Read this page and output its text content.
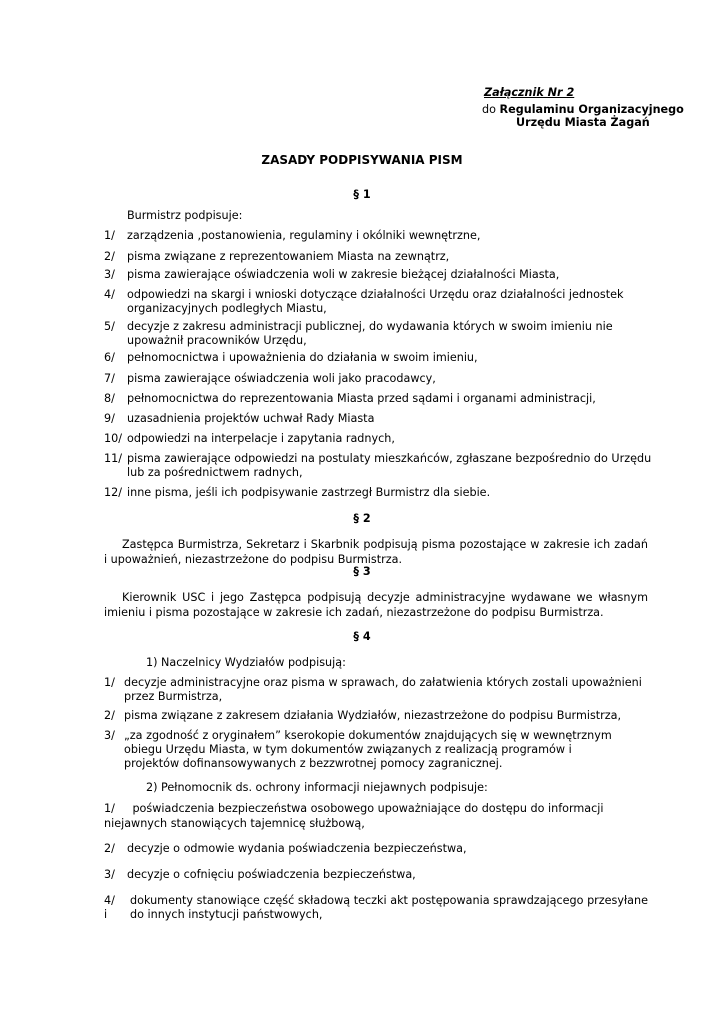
Załącznik Nr 2
do Regulaminu Organizacyjnego
Urzędu Miasta Żagań
ZASADY PODPISYWANIA PISM
§ 1
Burmistrz podpisuje:
1/ zarządzenia ,postanowienia, regulaminy i okólniki wewnętrzne,
2/ pisma związane z reprezentowaniem Miasta na zewnątrz,
3/ pisma zawierające oświadczenia woli w zakresie bieżącej działalności Miasta,
4/ odpowiedzi na skargi i wnioski dotyczące działalności Urzędu oraz działalności jednostek organizacyjnych podległych Miastu,
5/ decyzje z zakresu administracji publicznej, do wydawania których w swoim imieniu nie upoważnił pracowników Urzędu,
6/ pełnomocnictwa i upoważnienia do działania w swoim imieniu,
7/ pisma zawierające oświadczenia woli jako pracodawcy,
8/ pełnomocnictwa do reprezentowania Miasta przed sądami i organami administracji,
9/ uzasadnienia projektów uchwał Rady Miasta
10/ odpowiedzi na interpelacje i zapytania radnych,
11/ pisma zawierające odpowiedzi na postulaty mieszkańców, zgłaszane bezpośrednio do Urzędu lub za pośrednictwem radnych,
12/ inne pisma, jeśli ich podpisywanie zastrzegł Burmistrz dla siebie.
§ 2
Zastępca Burmistrza, Sekretarz i Skarbnik podpisują pisma pozostające w zakresie ich zadań i upoważnień, niezastrzeżone do podpisu Burmistrza.
§ 3
Kierownik USC i jego Zastępca podpisują decyzje administracyjne wydawane we własnym imieniu i pisma pozostające w zakresie ich zadań, niezastrzeżone do podpisu Burmistrza.
§ 4
1) Naczelnicy Wydziałów podpisują:
1/ decyzje administracyjne oraz pisma w sprawach, do załatwienia których zostali upoważnieni przez Burmistrza,
2/ pisma związane z zakresem działania Wydziałów, niezastrzeżone do podpisu Burmistrza,
3/ „za zgodność z oryginałem” kserokopie dokumentów znajdujących się w wewnętrznym obiegu Urzędu Miasta, w tym dokumentów związanych z realizacją programów i projektów dofinansowywanych z bezzwrotnej pomocy zagranicznej.
2) Pełnomocnik ds. ochrony informacji niejawnych podpisuje:
1/ poświadczenia bezpieczeństwa osobowego upoważniające do dostępu do informacji niejawnych stanowiących tajemnicę służbową,
2/ decyzje o odmowie wydania poświadczenia bezpieczeństwa,
3/ decyzje o cofnięciu poświadczenia bezpieczeństwa,
4/ i
dokumenty stanowiące część składową teczki akt postępowania sprawdzającego przesyłane do innych instytucji państwowych,
